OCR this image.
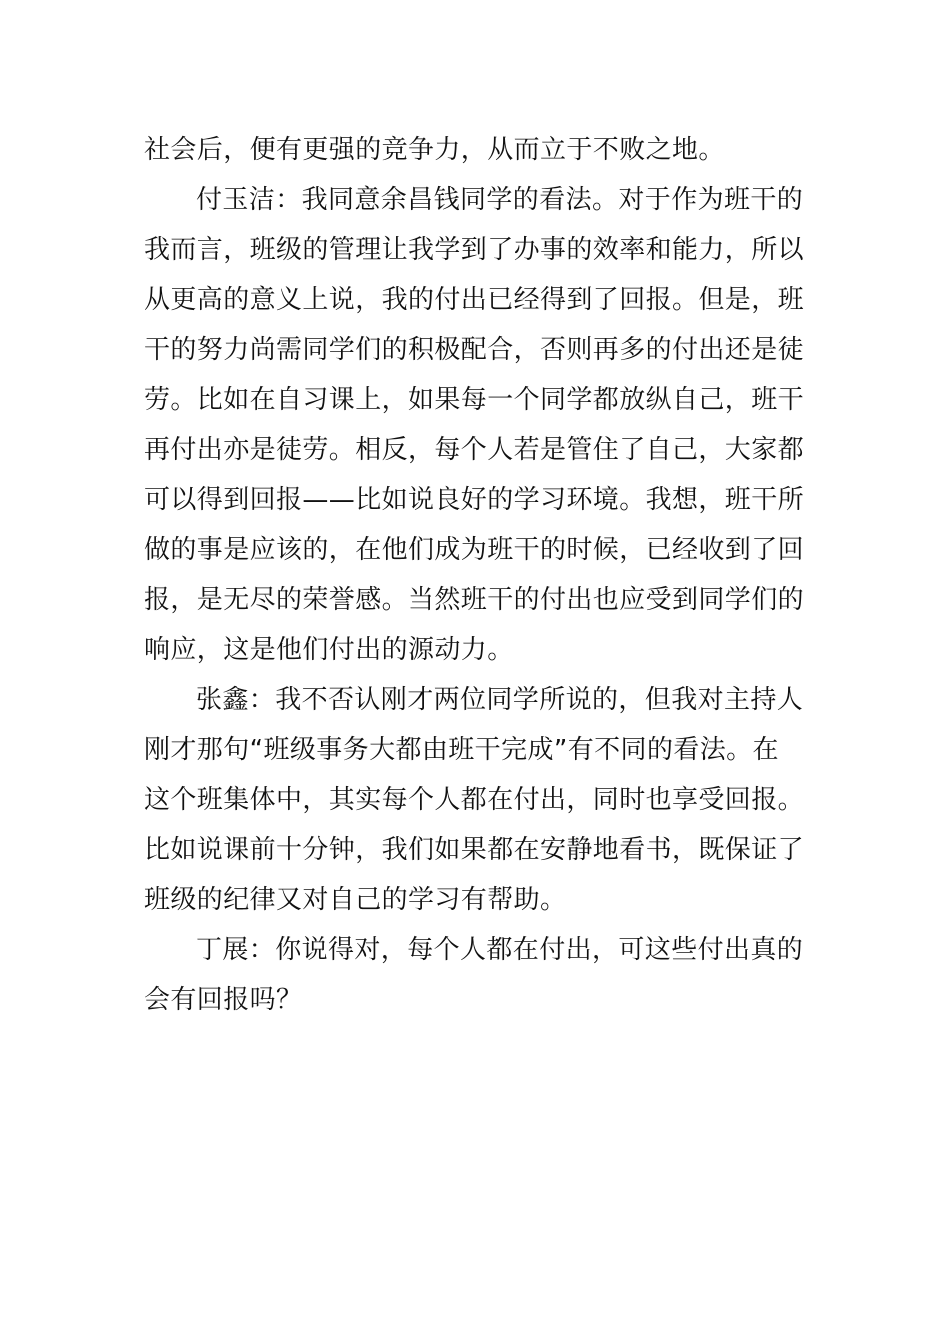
社会后，便有更强的竞争力，从而立于不败之地。
付玉洁：我同意余昌钱同学的看法。对于作为班干的
我而言，班级的管理让我学到了办事的效率和能力，所以
从更高的意义上说，我的付出已经得到了回报。但是，班
干的努力尚需同学们的积极配合，否则再多的付出还是徒
劳。比如在自习课上，如果每一个同学都放纵自己，班干
再付出亦是徒劳。相反，每个人若是管住了自己，大家都
可以得到回报——比如说良好的学习环境。我想，班干所
做的事是应该的，在他们成为班干的时候，已经收到了回
报，是无尽的荣誉感。当然班干的付出也应受到同学们的
响应，这是他们付出的源动力。
张鑫：我不否认刚才两位同学所说的，但我对主持人
刚才那句“班级事务大都由班干完成”有不同的看法。在
这个班集体中，其实每个人都在付出，同时也享受回报。
比如说课前十分钟，我们如果都在安静地看书，既保证了
班级的纪律又对自己的学习有帮助。
丁展：你说得对，每个人都在付出，可这些付出真的
会有回报吗？
